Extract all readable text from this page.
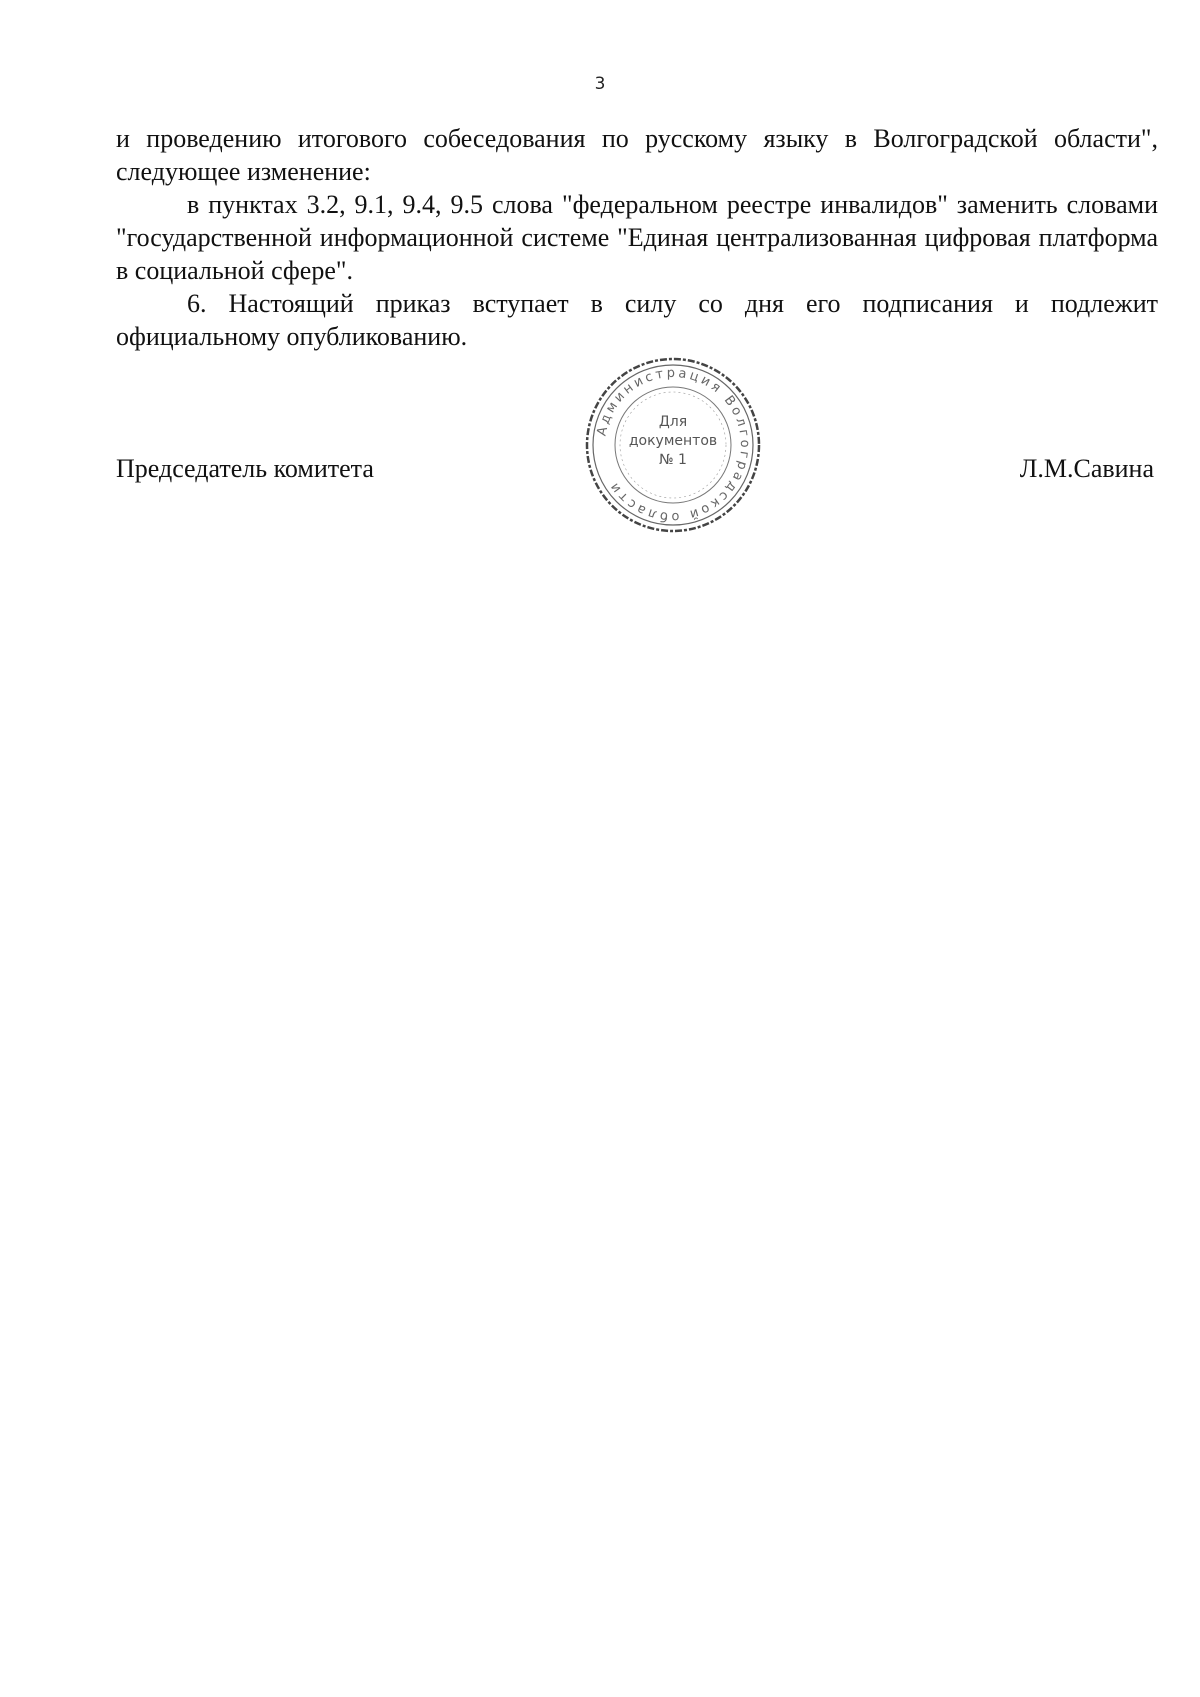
3

и проведению итогового собеседования по русскому языку в Волгоградской области", следующее изменение:

в пунктах 3.2, 9.1, 9.4, 9.5 слова "федеральном реестре инвалидов" заменить словами "государственной информационной системе "Единая централизованная цифровая платформа в социальной сфере".

6. Настоящий приказ вступает в силу со дня его подписания и подлежит официальному опубликованию.

Председатель комитета
Администрация Волгоградской области
Для
документов
№ 1	Л.М.Савина
